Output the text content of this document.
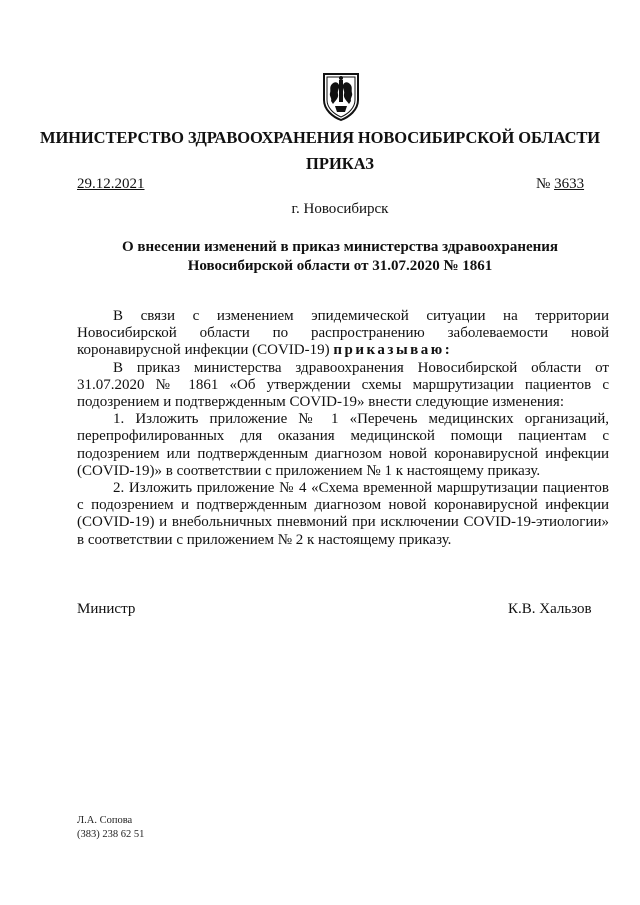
МИНИСТЕРСТВО ЗДРАВООХРАНЕНИЯ НОВОСИБИРСКОЙ ОБЛАСТИ
ПРИКАЗ
29.12.2021	№ 3633
г. Новосибирск
О внесении изменений в приказ министерства здравоохранения
Новосибирской области от 31.07.2020 № 1861

В связи с изменением эпидемической ситуации на территории Новосибирской области по распространению заболеваемости новой коронавирусной инфекции (COVID-19) приказываю:

В приказ министерства здравоохранения Новосибирской области от 31.07.2020 № 1861 «Об утверждении схемы маршрутизации пациентов с подозрением и подтвержденным COVID-19» внести следующие изменения:

1. Изложить приложение № 1 «Перечень медицинских организаций, перепрофилированных для оказания медицинской помощи пациентам с подозрением или подтвержденным диагнозом новой коронавирусной инфекции (COVID-19)» в соответствии с приложением № 1 к настоящему приказу.

2. Изложить приложение № 4 «Схема временной маршрутизации пациентов с подозрением и подтвержденным диагнозом новой коронавирусной инфекции (COVID-19) и внебольничных пневмоний при исключении COVID-19-этиологии» в соответствии с приложением № 2 к настоящему приказу.

Министр	К.В. Хальзов
Л.А. Сопова
(383) 238 62 51
